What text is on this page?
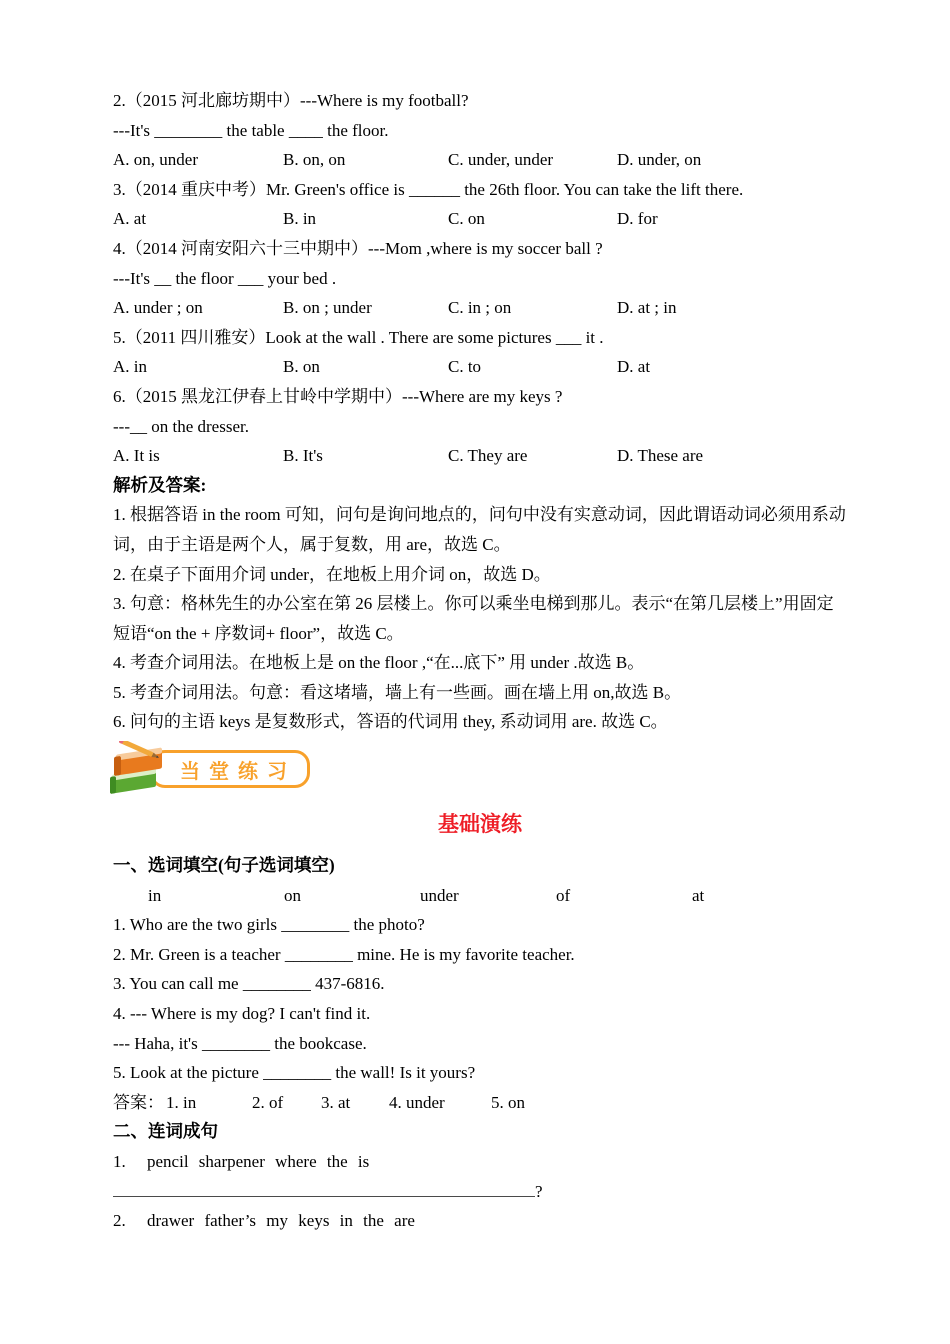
2.（2015 河北廊坊期中）---Where is my football?
---It's ________ the table ____ the floor.
A. on, under	B. on, on	C. under, under	D. under, on
3.（2014 重庆中考）Mr. Green's office is ______ the 26th floor. You can take the lift there.
A. at	B. in	C. on	D. for
4.（2014 河南安阳六十三中期中）---Mom ,where is my soccer ball ?
---It's __ the floor ___ your bed .
A. under ; on	B. on ; under	C. in ; on	D. at ; in
5.（2011 四川雅安）Look at the wall . There are some pictures ___ it .
A. in	B. on	C. to	D. at
6.（2015 黑龙江伊春上甘岭中学期中）---Where are my keys ?
---__ on the dresser.
A. It is	B. It's	C. They are	D. These are
解析及答案:
1. 根据答语 in the room 可知，问句是询问地点的，问句中没有实意动词，因此谓语动词必须用系动词，由于主语是两个人，属于复数，用 are，故选 C。
2. 在桌子下面用介词 under，在地板上用介词 on，故选 D。
3. 句意：格林先生的办公室在第 26 层楼上。你可以乘坐电梯到那儿。表示“在第几层楼上”用固定短语“on the + 序数词+ floor”，故选 C。
4. 考查介词用法。在地板上是 on the floor ,“在...底下” 用 under .故选 B。
5. 考查介词用法。句意：看这堵墙，墙上有一些画。画在墙上用 on,故选 B。
6. 问句的主语 keys 是复数形式，答语的代词用 they, 系动词用 are. 故选 C。
当堂练习
基础演练
一、选词填空(句子选词填空)
in	on	under	of	at
1. Who are the two girls ________ the photo?
2. Mr. Green is a teacher ________ mine. He is my favorite teacher.
3. You can call me ________ 437-6816.
4. --- Where is my dog? I can't find it.
--- Haha, it's ________ the bookcase.
5. Look at the picture ________ the wall! Is it yours?
答案： 1. in	2. of	3. at	4. under	5. on
二、连词成句
1.	pencil sharpener where the is
?
2.	drawer father’s my keys in the are
